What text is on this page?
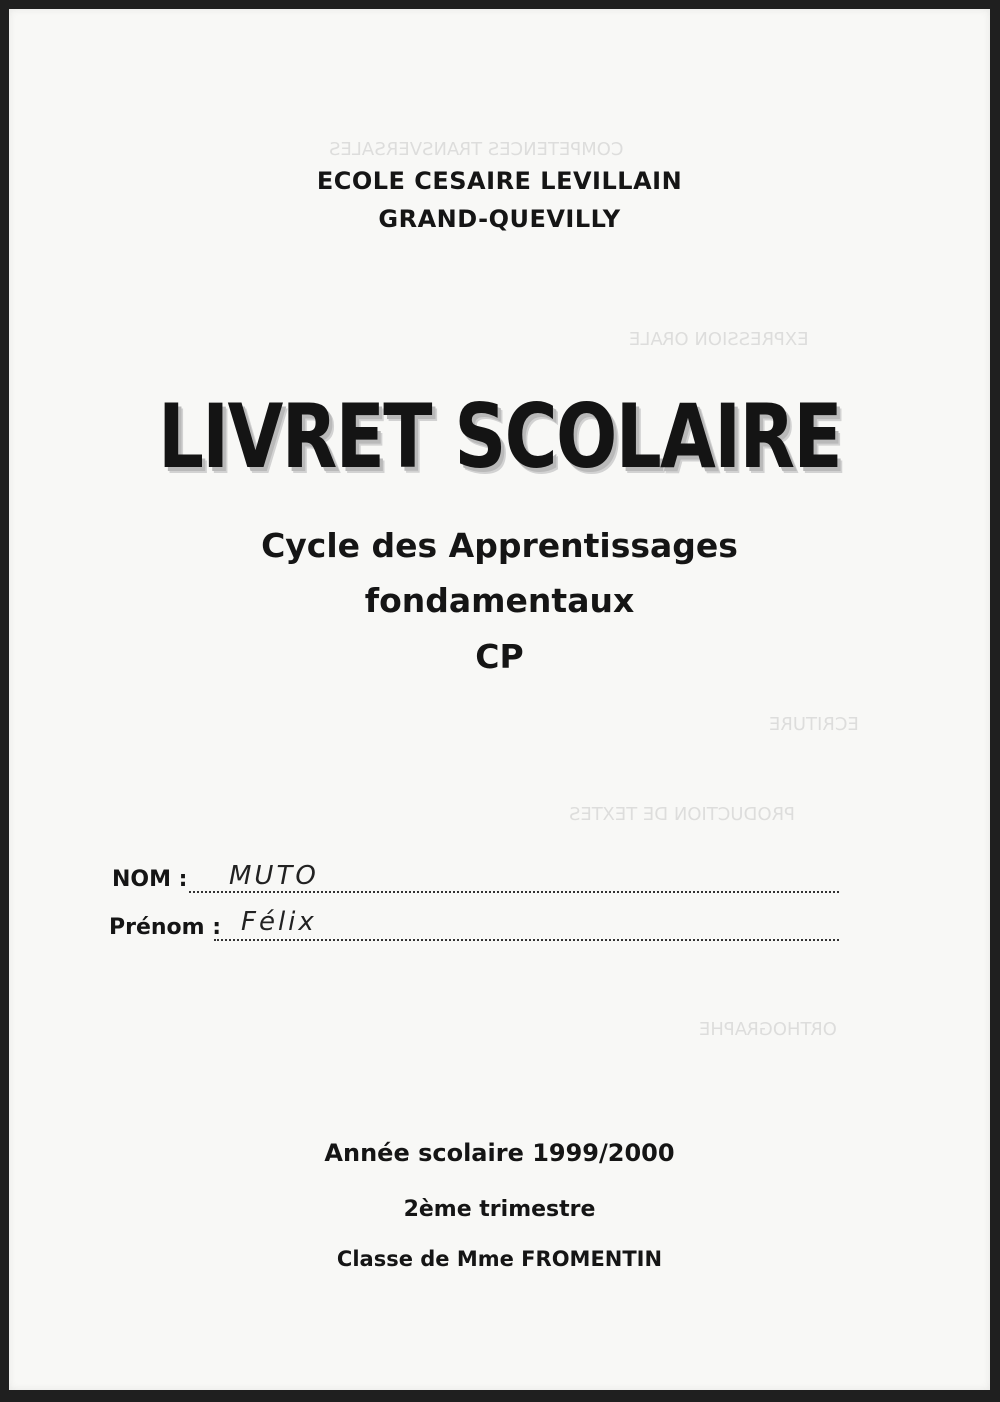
COMPETENCES TRANSVERSALES
EXPRESSION ORALE
ECRITURE
PRODUCTION DE TEXTES
ORTHOGRAPHE
ECOLE CESAIRE LEVILLAIN
GRAND-QUEVILLY
LIVRET SCOLAIRE
Cycle des Apprentissages
fondamentaux
CP
NOM : MUTO
Prénom : Félix
Année scolaire 1999/2000
2ème trimestre
Classe de Mme FROMENTIN
